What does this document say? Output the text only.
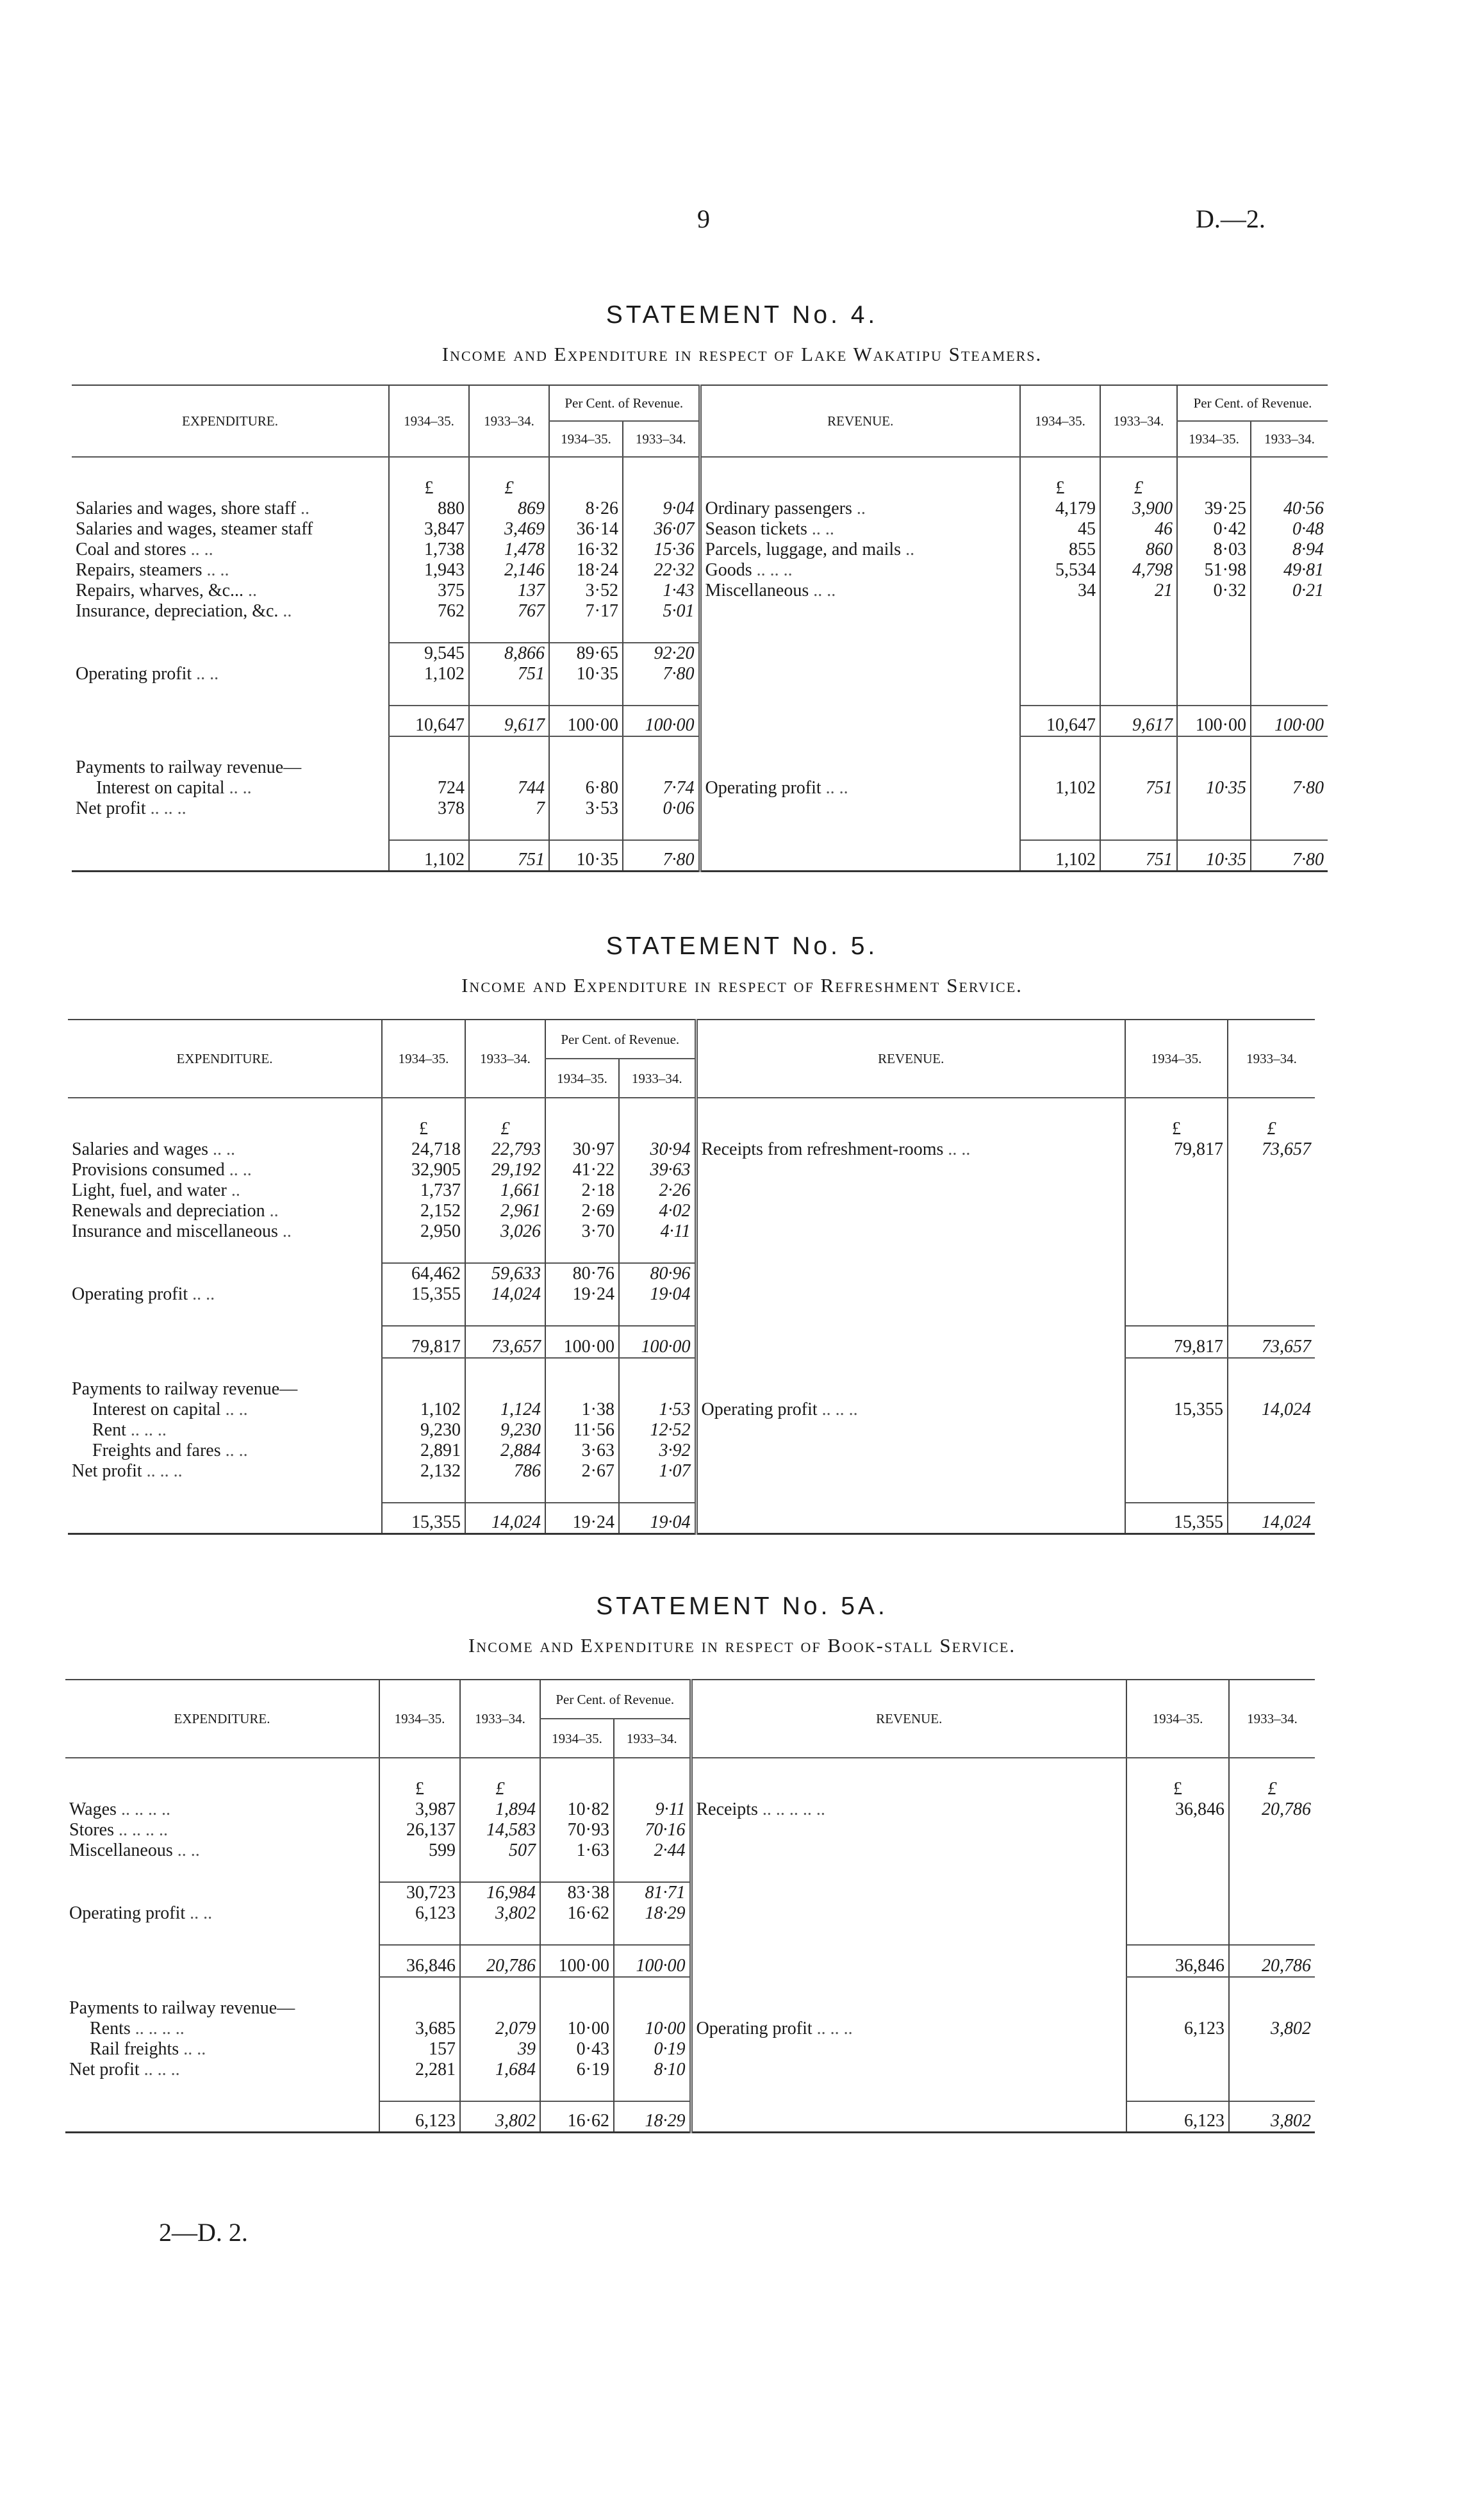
9	D.—2.
STATEMENT No. 4.
Income and Expenditure in respect of Lake Wakatipu Steamers.
EXPENDITURE.	1934–35.	1933–34.	Per Cent. of Revenue.		REVENUE.	1934–35.	1933–34.	Per Cent. of Revenue.	
			1934–35.	1933–34.				1934–35.	1933–34.

	£	£				£	£		
Salaries and wages, shore staff ..	880	869	8·26	9·04	Ordinary passengers ..	4,179	3,900	39·25	40·56
Salaries and wages, steamer staff	3,847	3,469	36·14	36·07	Season tickets .. ..	45	46	0·42	0·48
Coal and stores .. ..	1,738	1,478	16·32	15·36	Parcels, luggage, and mails ..	855	860	8·03	8·94
Repairs, steamers .. ..	1,943	2,146	18·24	22·32	Goods .. .. ..	5,534	4,798	51·98	49·81
Repairs, wharves, &c... ..	375	137	3·52	1·43	Miscellaneous .. ..	34	21	0·32	0·21
Insurance, depreciation, &c. ..	762	767	7·17	5·01					

	9,545	8,866	89·65	92·20					
Operating profit .. ..	1,102	751	10·35	7·80					

	10,647	9,617	100·00	100·00		10,647	9,617	100·00	100·00

Payments to railway revenue—									
Interest on capital .. ..	724	744	6·80	7·74	Operating profit .. ..	1,102	751	10·35	7·80
Net profit .. .. ..	378	7	3·53	0·06					

	1,102	751	10·35	7·80		1,102	751	10·35	7·80
STATEMENT No. 5.
Income and Expenditure in respect of Refreshment Service.
EXPENDITURE.	1934–35.	1933–34.	Per Cent. of Revenue.		REVENUE.	1934–35.	1933–34.
			1934–35.	1933–34.			

	£	£				£	£
Salaries and wages .. ..	24,718	22,793	30·97	30·94	Receipts from refreshment-rooms .. ..	79,817	73,657
Provisions consumed .. ..	32,905	29,192	41·22	39·63			
Light, fuel, and water ..	1,737	1,661	2·18	2·26			
Renewals and depreciation ..	2,152	2,961	2·69	4·02			
Insurance and miscellaneous ..	2,950	3,026	3·70	4·11			

	64,462	59,633	80·76	80·96			
Operating profit .. ..	15,355	14,024	19·24	19·04			

	79,817	73,657	100·00	100·00		79,817	73,657

Payments to railway revenue—							
Interest on capital .. ..	1,102	1,124	1·38	1·53	Operating profit .. .. ..	15,355	14,024
Rent .. .. ..	9,230	9,230	11·56	12·52			
Freights and fares .. ..	2,891	2,884	3·63	3·92			
Net profit .. .. ..	2,132	786	2·67	1·07			

	15,355	14,024	19·24	19·04		15,355	14,024
STATEMENT No. 5A.
Income and Expenditure in respect of Book-stall Service.
EXPENDITURE.	1934–35.	1933–34.	Per Cent. of Revenue.		REVENUE.	1934–35.	1933–34.
			1934–35.	1933–34.			

	£	£				£	£
Wages .. .. .. ..	3,987	1,894	10·82	9·11	Receipts .. .. .. .. ..	36,846	20,786
Stores .. .. .. ..	26,137	14,583	70·93	70·16			
Miscellaneous .. ..	599	507	1·63	2·44			

	30,723	16,984	83·38	81·71			
Operating profit .. ..	6,123	3,802	16·62	18·29			

	36,846	20,786	100·00	100·00		36,846	20,786

Payments to railway revenue—							
Rents .. .. .. ..	3,685	2,079	10·00	10·00	Operating profit .. .. ..	6,123	3,802
Rail freights .. ..	157	39	0·43	0·19			
Net profit .. .. ..	2,281	1,684	6·19	8·10			

	6,123	3,802	16·62	18·29		6,123	3,802
2—D. 2.
